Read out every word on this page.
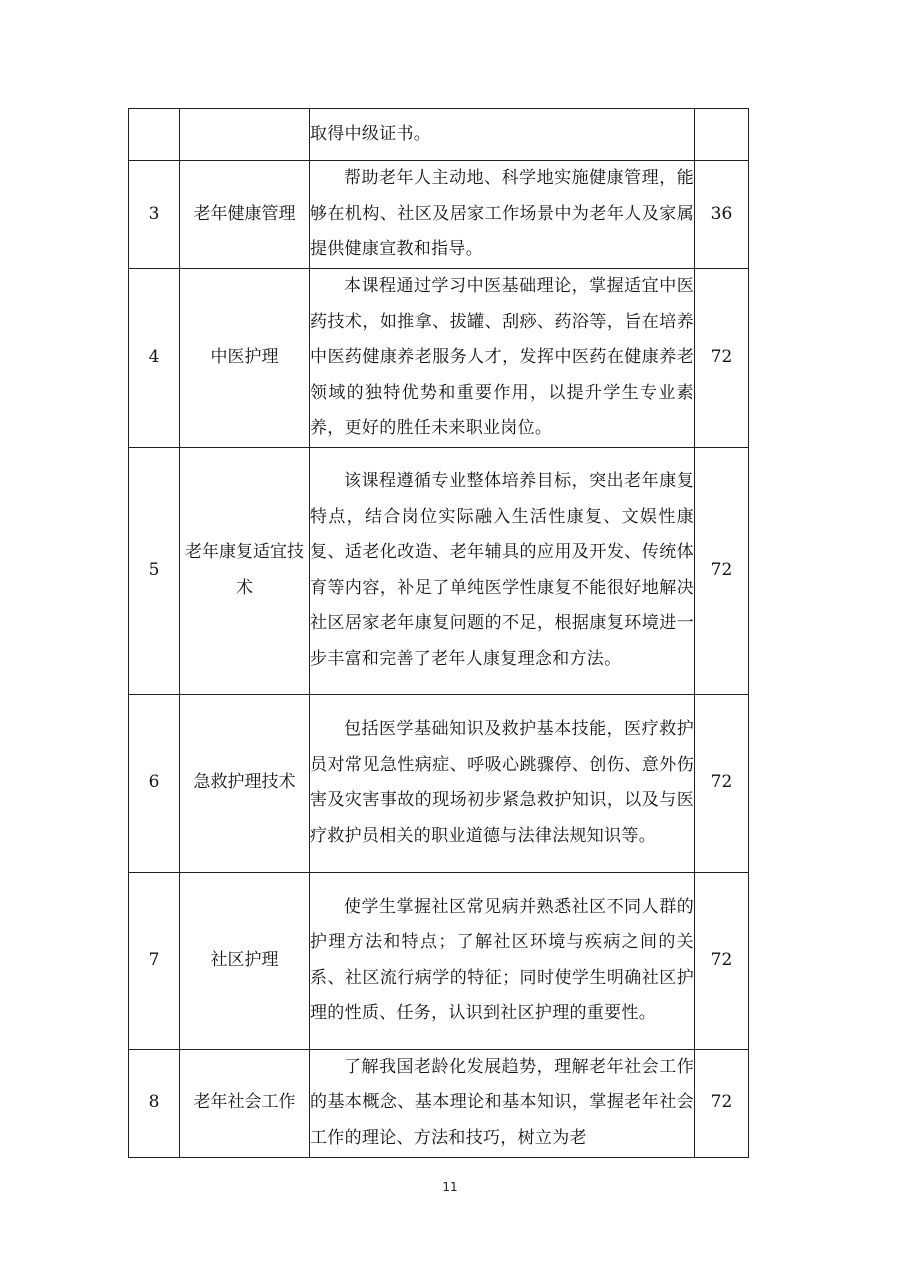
		取得中级证书。	

3	老年健康管理	帮助老年人主动地、科学地实施健康管理，能够在机构、社区及居家工作场景中为老年人及家属提供健康宣教和指导。	36
4	中医护理	本课程通过学习中医基础理论，掌握适宜中医药技术，如推拿、拔罐、刮痧、药浴等，旨在培养中医药健康养老服务人才，发挥中医药在健康养老领域的独特优势和重要作用，以提升学生专业素养，更好的胜任未来职业岗位。	72
5	老年康复适宜技术	该课程遵循专业整体培养目标，突出老年康复特点，结合岗位实际融入生活性康复、文娱性康复、适老化改造、老年辅具的应用及开发、传统体育等内容，补足了单纯医学性康复不能很好地解决社区居家老年康复问题的不足，根据康复环境进一步丰富和完善了老年人康复理念和方法。	72
6	急救护理技术	包括医学基础知识及救护基本技能，医疗救护员对常见急性病症、呼吸心跳骤停、创伤、意外伤害及灾害事故的现场初步紧急救护知识，以及与医疗救护员相关的职业道德与法律法规知识等。	72
7	社区护理	使学生掌握社区常见病并熟悉社区不同人群的护理方法和特点；了解社区环境与疾病之间的关系、社区流行病学的特征；同时使学生明确社区护理的性质、任务，认识到社区护理的重要性。	72
8	老年社会工作	了解我国老龄化发展趋势，理解老年社会工作的基本概念、基本理论和基本知识，掌握老年社会工作的理论、方法和技巧，树立为老	72
11
